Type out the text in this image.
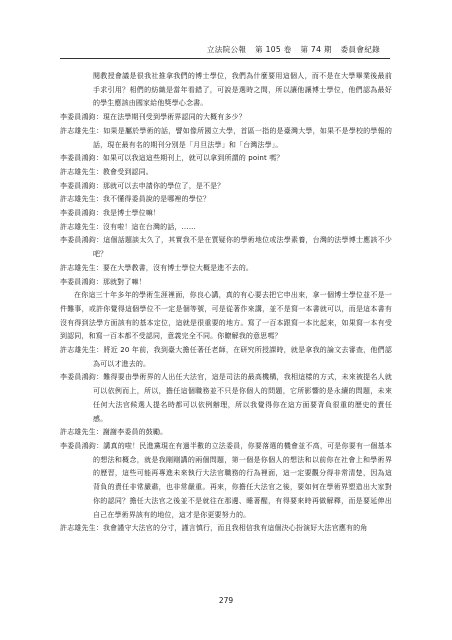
立法院公報 第 105 卷 第 74 期 委員會紀錄

閱教授會議是很我社推拿我們的博士學位，我們為什麼要用這個人，而不是在大學畢業後最前手求引用？相們的紡織是當年看錯了，可說是選時之間，所以讓他讓博士學位，他們認為最好的學生應該由國家給他獎學心念書。

李委員鴻鈞：現在法學期刊受到學術界認同的大概有多少？

許志雄先生：如果是屬於學術的話，譬如像所國立大學，首區一指的是臺灣大學，如果不是學校的學報的話，現在最有名的期刊分別是「月旦法學」和「台灣法學」。

李委員鴻鈞：如果可以我這這些期刊上，就可以拿到所謂的 point 嗎？

許志雄先生：教會受到認同。

李委員鴻鈞：那就可以去申請你的學位了，是不是？

許志雄先生：我不懂得委員說的是哪裡的學位？

李委員鴻鈞：我是博士學位嘛！

許志雄先生：沒有啦！這在台灣的話，……

李委員鴻鈞：這個話題談太久了，其實我不是在質疑你的學術地位或法學素養，台灣的法學博士應該不少吧？

許志雄先生：要在大學教書，沒有博士學位大概是進不去的。

李委員鴻鈞：那就對了嘛！

在你這三十年多年的學術生涯裡面，你良心講，真的有心要去把它申出來，拿一個博士學位並不是一件難事，或許你覺得這個學位不一定是個等號，可是從著作來講，並不是寫一本書就可以，而是這本書有沒有得到法學方面該有的基本定位，這就是很重要的地方。寫了一百本跟寫一本比起來，如果寫一本有受到認同，和寫一百本都不受認同，意義完全不同。你瞭解我的意思嗎？

許志雄先生：將近 20 年前，我到臺大擔任著任老師，在研究所授課時，就是拿我的論文去審查，他們認為可以才進去的。

李委員鴻鈞：難得要由學術界的人出任大法官，這是司法的最高機構，我相這樣的方式，未來被提名人就可以依例而上，所以，擔任這個職務並不只是你個人的問題，它所影響的是永續的問題，未來任何大法官候選人提名時都可以依例辦理，所以我覺得你在這方面要背負很重的歷史的責任感。

許志雄先生：謝謝李委員的鼓勵。

李委員鴻鈞：講真的啦！民進黨現在有過半數的立法委員，你要落選的機會並不高，可是你要有一個基本的想法和概念，就是我剛剛講的兩個問題，第一個是你個人的想法和以前你在社會上和學術界的歷習，這些可能再專進未來執行大法官職務的行為裡面，這一定要觀分得非常清楚，因為這背負的責任非常嚴肅，也非常嚴重。再來，你擔任大法官之後，要如何在學術界塑造出大家對你的認同？擔任大法官之後並不是就往在那邊、睡著醒，有得要來時再做解釋，而是要延伸出自己在學術界該有的地位，這才是你更要努力的。

許志雄先生：我會謹守大法官的分寸，謹言慎行，而且我相信我有這個決心扮演好大法官應有的角

279
